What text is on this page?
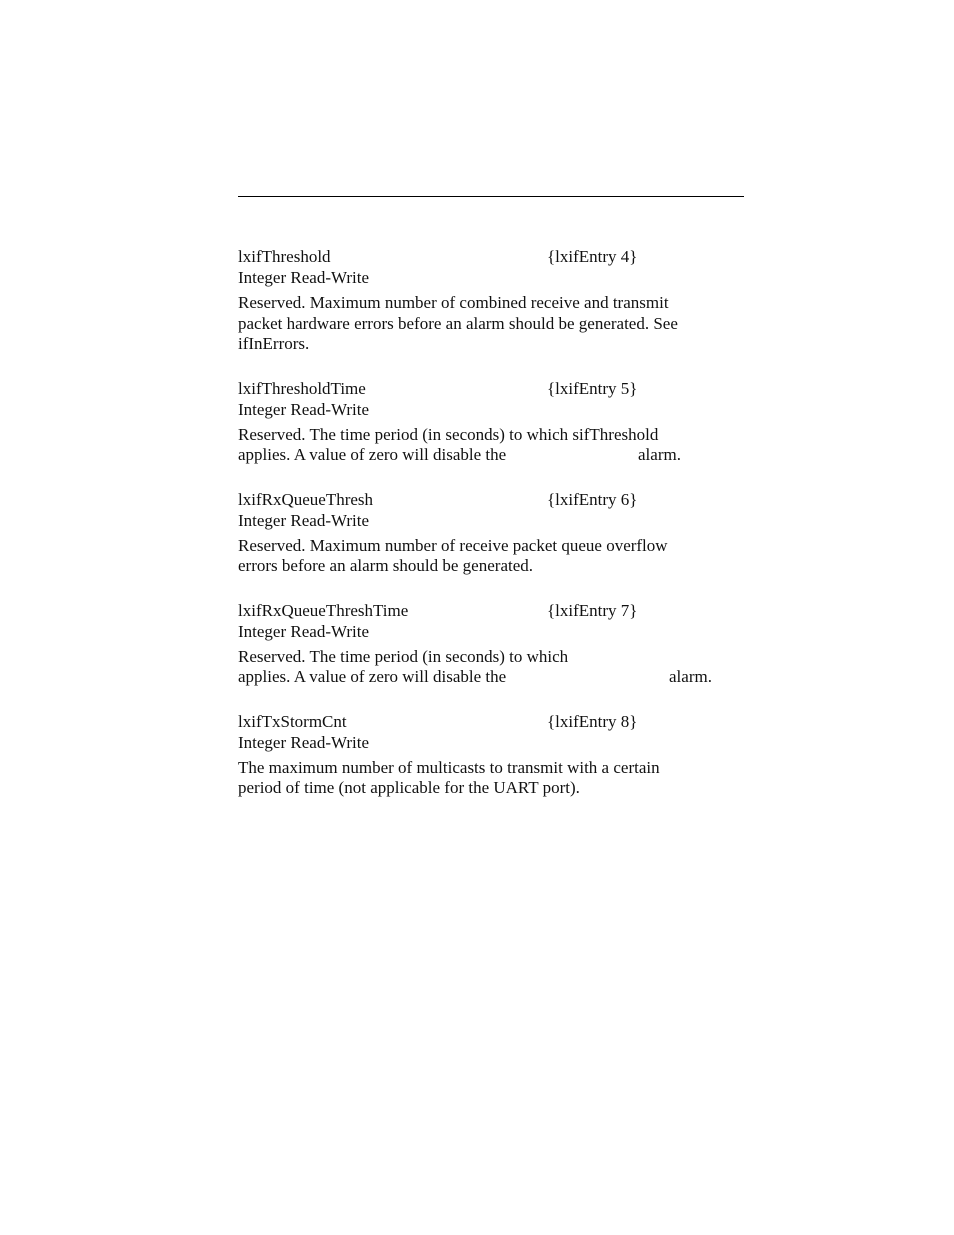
lxifThreshold	{lxifEntry 4}
Integer Read-Write
Reserved. Maximum number of combined receive and transmit
packet hardware errors before an alarm should be generated. See
ifInErrors.
lxifThresholdTime	{lxifEntry 5}
Integer Read-Write
Reserved. The time period (in seconds) to which sifThreshold
applies. A value of zero will disable the	alarm.
lxifRxQueueThresh	{lxifEntry 6}
Integer Read-Write
Reserved. Maximum number of receive packet queue overflow
errors before an alarm should be generated.
lxifRxQueueThreshTime	{lxifEntry 7}
Integer Read-Write
Reserved. The time period (in seconds) to which
applies. A value of zero will disable the	alarm.
lxifTxStormCnt	{lxifEntry 8}
Integer Read-Write
The maximum number of multicasts to transmit with a certain
period of time (not applicable for the UART port).
